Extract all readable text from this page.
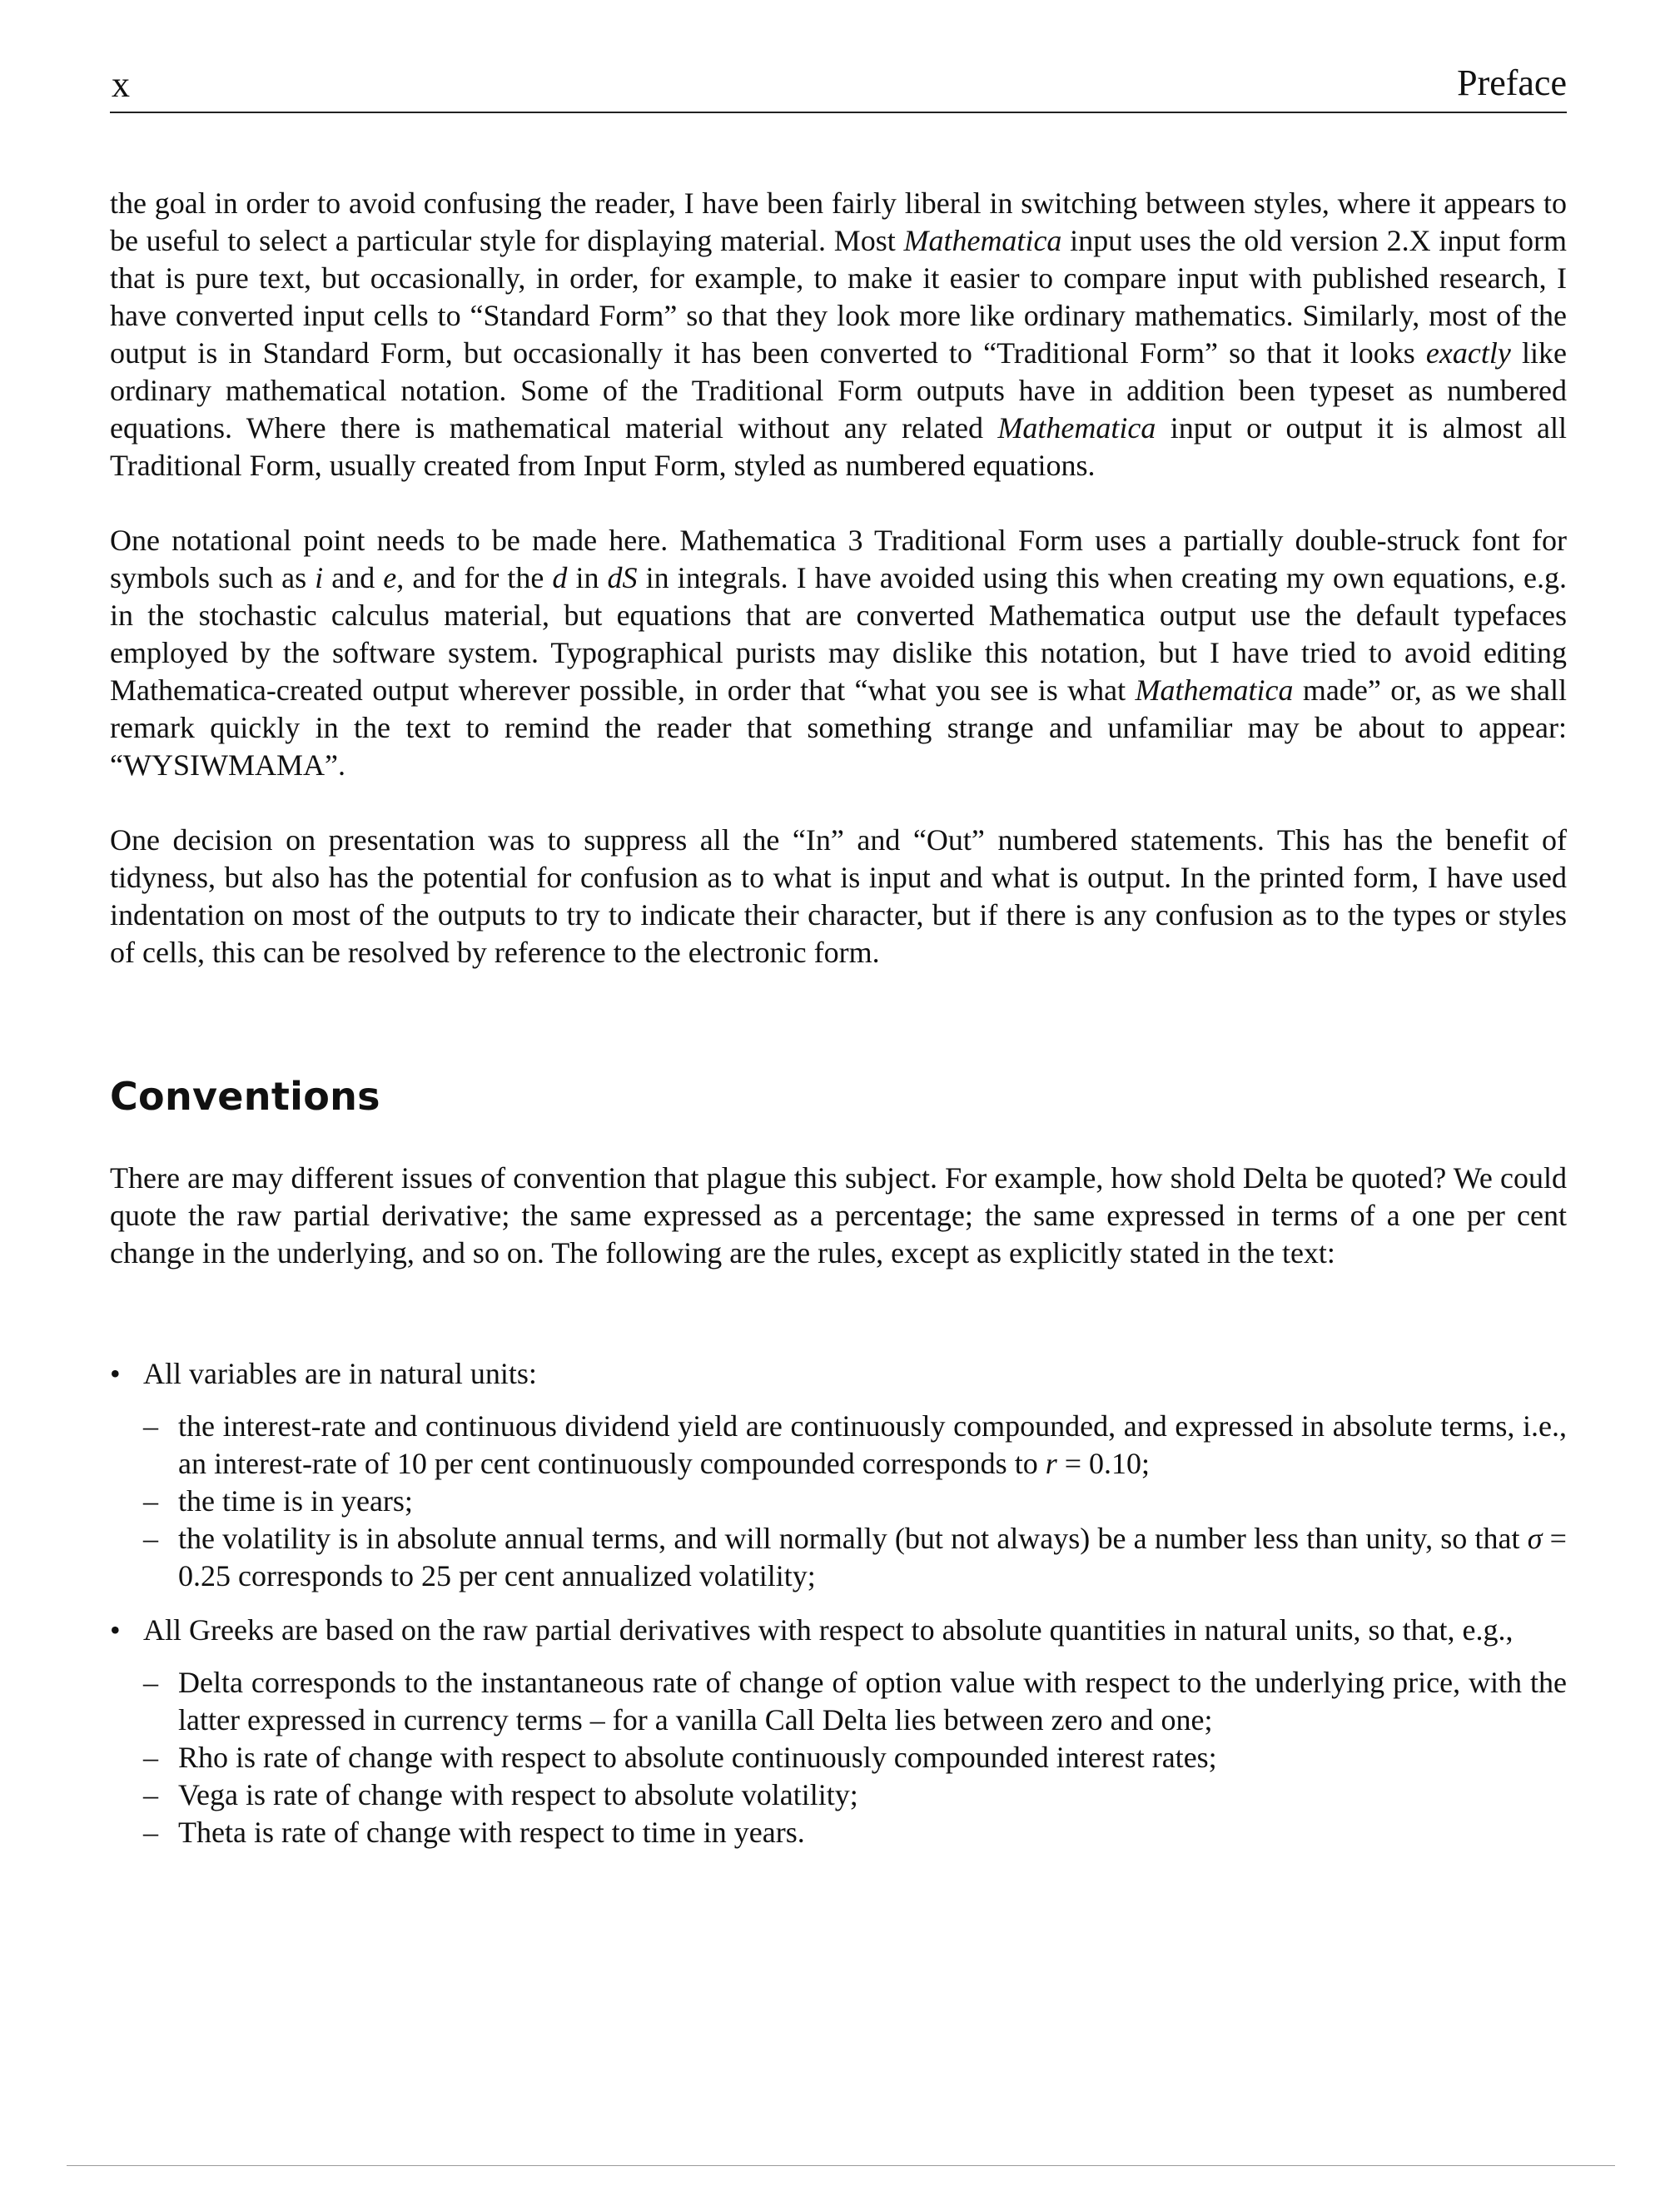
x	Preface

the goal in order to avoid confusing the reader, I have been fairly liberal in switching between styles, where it appears to be useful to select a particular style for displaying material. Most Mathematica input uses the old version 2.X input form that is pure text, but occasionally, in order, for example, to make it easier to compare input with published research, I have converted input cells to “Standard Form” so that they look more like ordinary mathematics. Similarly, most of the output is in Standard Form, but occasionally it has been converted to “Traditional Form” so that it looks exactly like ordinary mathematical notation. Some of the Traditional Form outputs have in addition been typeset as numbered equations. Where there is mathematical material without any related Mathematica input or output it is almost all Traditional Form, usually created from Input Form, styled as numbered equations.

One notational point needs to be made here. Mathematica 3 Traditional Form uses a partially double-struck font for symbols such as i and e, and for the d in dS in integrals. I have avoided using this when creating my own equations, e.g. in the stochastic calculus material, but equations that are converted Mathematica output use the default typefaces employed by the software system. Typographical purists may dislike this notation, but I have tried to avoid editing Mathematica-created output wherever possible, in order that “what you see is what Mathematica made” or, as we shall remark quickly in the text to remind the reader that something strange and unfamiliar may be about to appear: “WYSIWMAMA”.

One decision on presentation was to suppress all the “In” and “Out” numbered statements. This has the benefit of tidyness, but also has the potential for confusion as to what is input and what is output. In the printed form, I have used indentation on most of the outputs to try to indicate their character, but if there is any confusion as to the types or styles of cells, this can be resolved by reference to the electronic form.

Conventions

There are may different issues of convention that plague this subject. For example, how shold Delta be quoted? We could quote the raw partial derivative; the same expressed as a percentage; the same expressed in terms of a one per cent change in the underlying, and so on. The following are the rules, except as explicitly stated in the text:

• All variables are in natural units:
– the interest-rate and continuous dividend yield are continuously compounded, and expressed in absolute terms, i.e., an interest-rate of 10 per cent continuously compounded corresponds to r = 0.10;
– the time is in years;
– the volatility is in absolute annual terms, and will normally (but not always) be a number less than unity, so that σ = 0.25 corresponds to 25 per cent annualized volatility;
• All Greeks are based on the raw partial derivatives with respect to absolute quantities in natural units, so that, e.g.,
– Delta corresponds to the instantaneous rate of change of option value with respect to the underlying price, with the latter expressed in currency terms – for a vanilla Call Delta lies between zero and one;
– Rho is rate of change with respect to absolute continuously compounded interest rates;
– Vega is rate of change with respect to absolute volatility;
– Theta is rate of change with respect to time in years.
